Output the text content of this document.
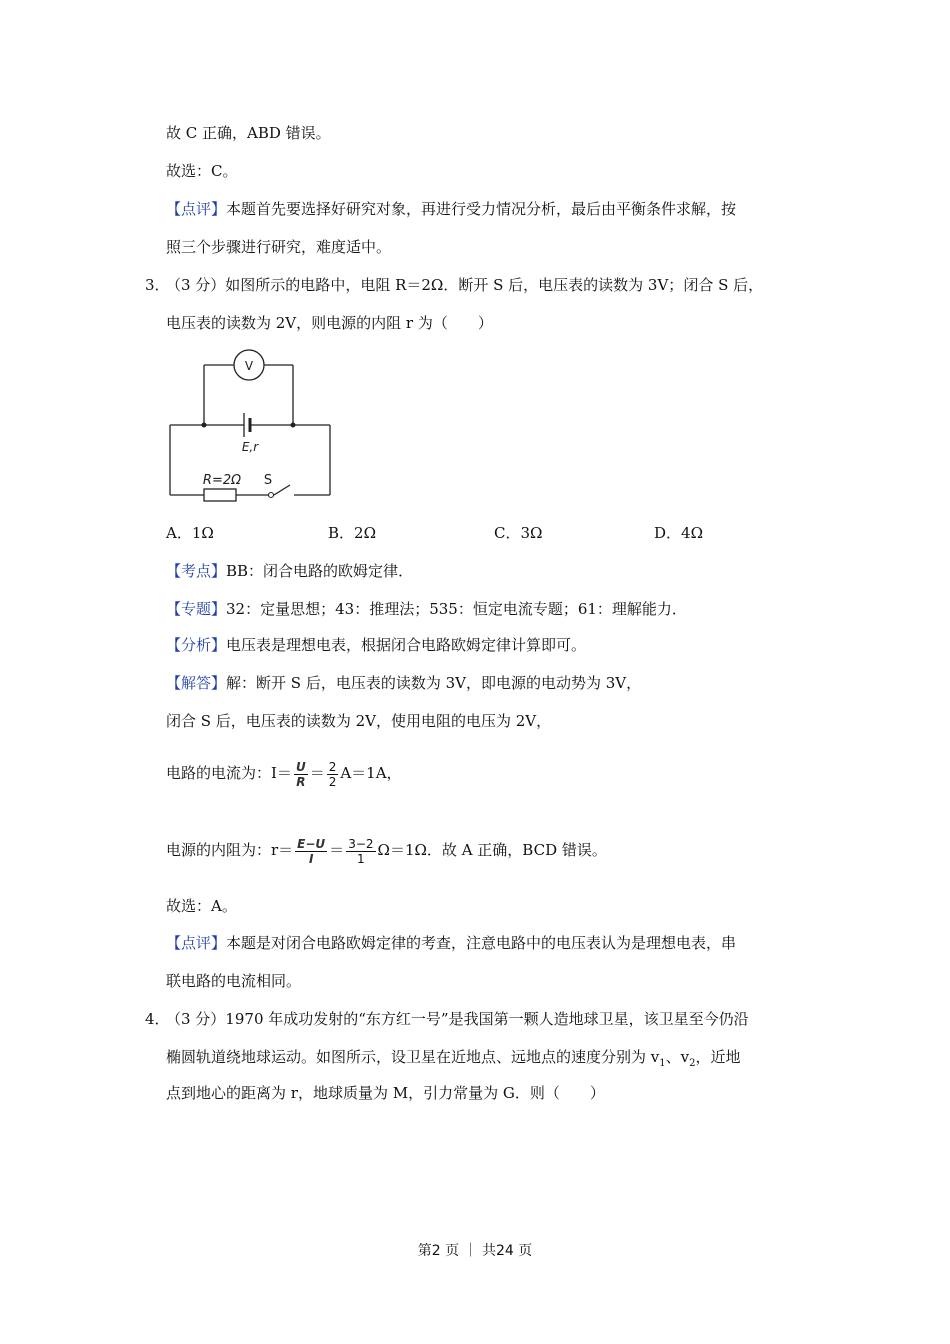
故 C 正确，ABD 错误。
故选：C。
【点评】本题首先要选择好研究对象，再进行受力情况分析，最后由平衡条件求解，按
照三个步骤进行研究，难度适中。
3．
（3 分）如图所示的电路中，电阻 R＝2Ω．断开 S 后，电压表的读数为 3V；闭合 S 后，
电压表的读数为 2V，则电源的内阻 r 为（　　）
V
E,r
R=2Ω S
A．1Ω	B．2Ω	C．3Ω	D．4Ω
【考点】BB：闭合电路的欧姆定律．
【专题】32：定量思想；43：推理法；535：恒定电流专题；61：理解能力．
【分析】电压表是理想电表，根据闭合电路欧姆定律计算即可。
【解答】解：断开 S 后，电压表的读数为 3V，即电源的电动势为 3V，
闭合 S 后，电压表的读数为 2V，使用电阻的电压为 2V，
电路的电流为：$I= \frac{U}{R} = \frac{2}{2} A=1A$，
电源的内阻为：$r= \frac{E-U}{I} = \frac{3-2}{1} \Omega=1\Omega$．故 A 正确，BCD 错误。
故选：A。
【点评】本题是对闭合电路欧姆定律的考查，注意电路中的电压表认为是理想电表，串
联电路的电流相同。
4．
（3 分）1970 年成功发射的“东方红一号”是我国第一颗人造地球卫星，该卫星至今仍沿
椭圆轨道绕地球运动。如图所示，设卫星在近地点、远地点的速度分别为 $v_1$、$v_2$，近地
点到地心的距离为 r，地球质量为 M，引力常量为 G．则（　　）
第2 页 ｜ 共24 页
